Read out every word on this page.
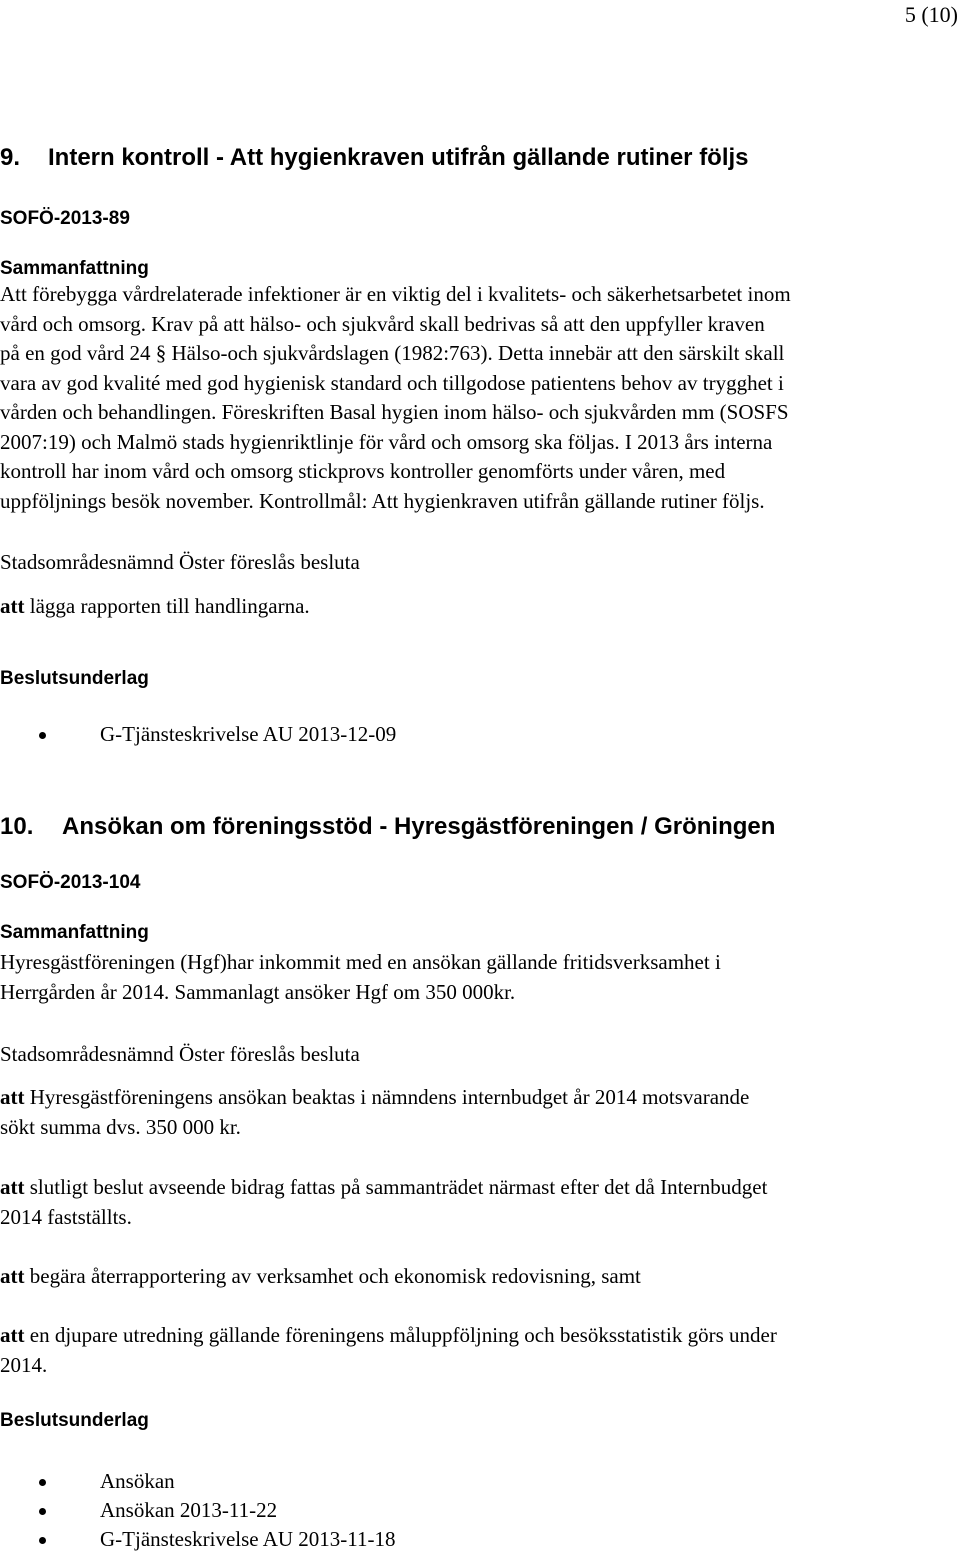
5 (10)
9. Intern kontroll - Att hygienkraven utifrån gällande rutiner följs
SOFÖ-2013-89
Sammanfattning
Att förebygga vårdrelaterade infektioner är en viktig del i kvalitets- och säkerhetsarbetet inom
vård och omsorg. Krav på att hälso- och sjukvård skall bedrivas så att den uppfyller kraven
på en god vård 24 § Hälso-och sjukvårdslagen (1982:763). Detta innebär att den särskilt skall
vara av god kvalité med god hygienisk standard och tillgodose patientens behov av trygghet i
vården och behandlingen. Föreskriften Basal hygien inom hälso- och sjukvården mm (SOSFS
2007:19) och Malmö stads hygienriktlinje för vård och omsorg ska följas. I 2013 års interna
kontroll har inom vård och omsorg stickprovs kontroller genomförts under våren, med
uppföljnings besök november. Kontrollmål: Att hygienkraven utifrån gällande rutiner följs.
Stadsområdesnämnd Öster föreslås besluta
att lägga rapporten till handlingarna.
Beslutsunderlag
G-Tjänsteskrivelse AU 2013-12-09
10. Ansökan om föreningsstöd - Hyresgästföreningen / Gröningen
SOFÖ-2013-104
Sammanfattning
Hyresgästföreningen (Hgf)har inkommit med en ansökan gällande fritidsverksamhet i
Herrgården år 2014. Sammanlagt ansöker Hgf om 350 000kr.
Stadsområdesnämnd Öster föreslås besluta
att Hyresgästföreningens ansökan beaktas i nämndens internbudget år 2014 motsvarande
sökt summa dvs. 350 000 kr.
att slutligt beslut avseende bidrag fattas på sammanträdet närmast efter det då Internbudget
2014 fastställts.
att begära återrapportering av verksamhet och ekonomisk redovisning, samt
att en djupare utredning gällande föreningens måluppföljning och besöksstatistik görs under
2014.
Beslutsunderlag
Ansökan
Ansökan 2013-11-22
G-Tjänsteskrivelse AU 2013-11-18
